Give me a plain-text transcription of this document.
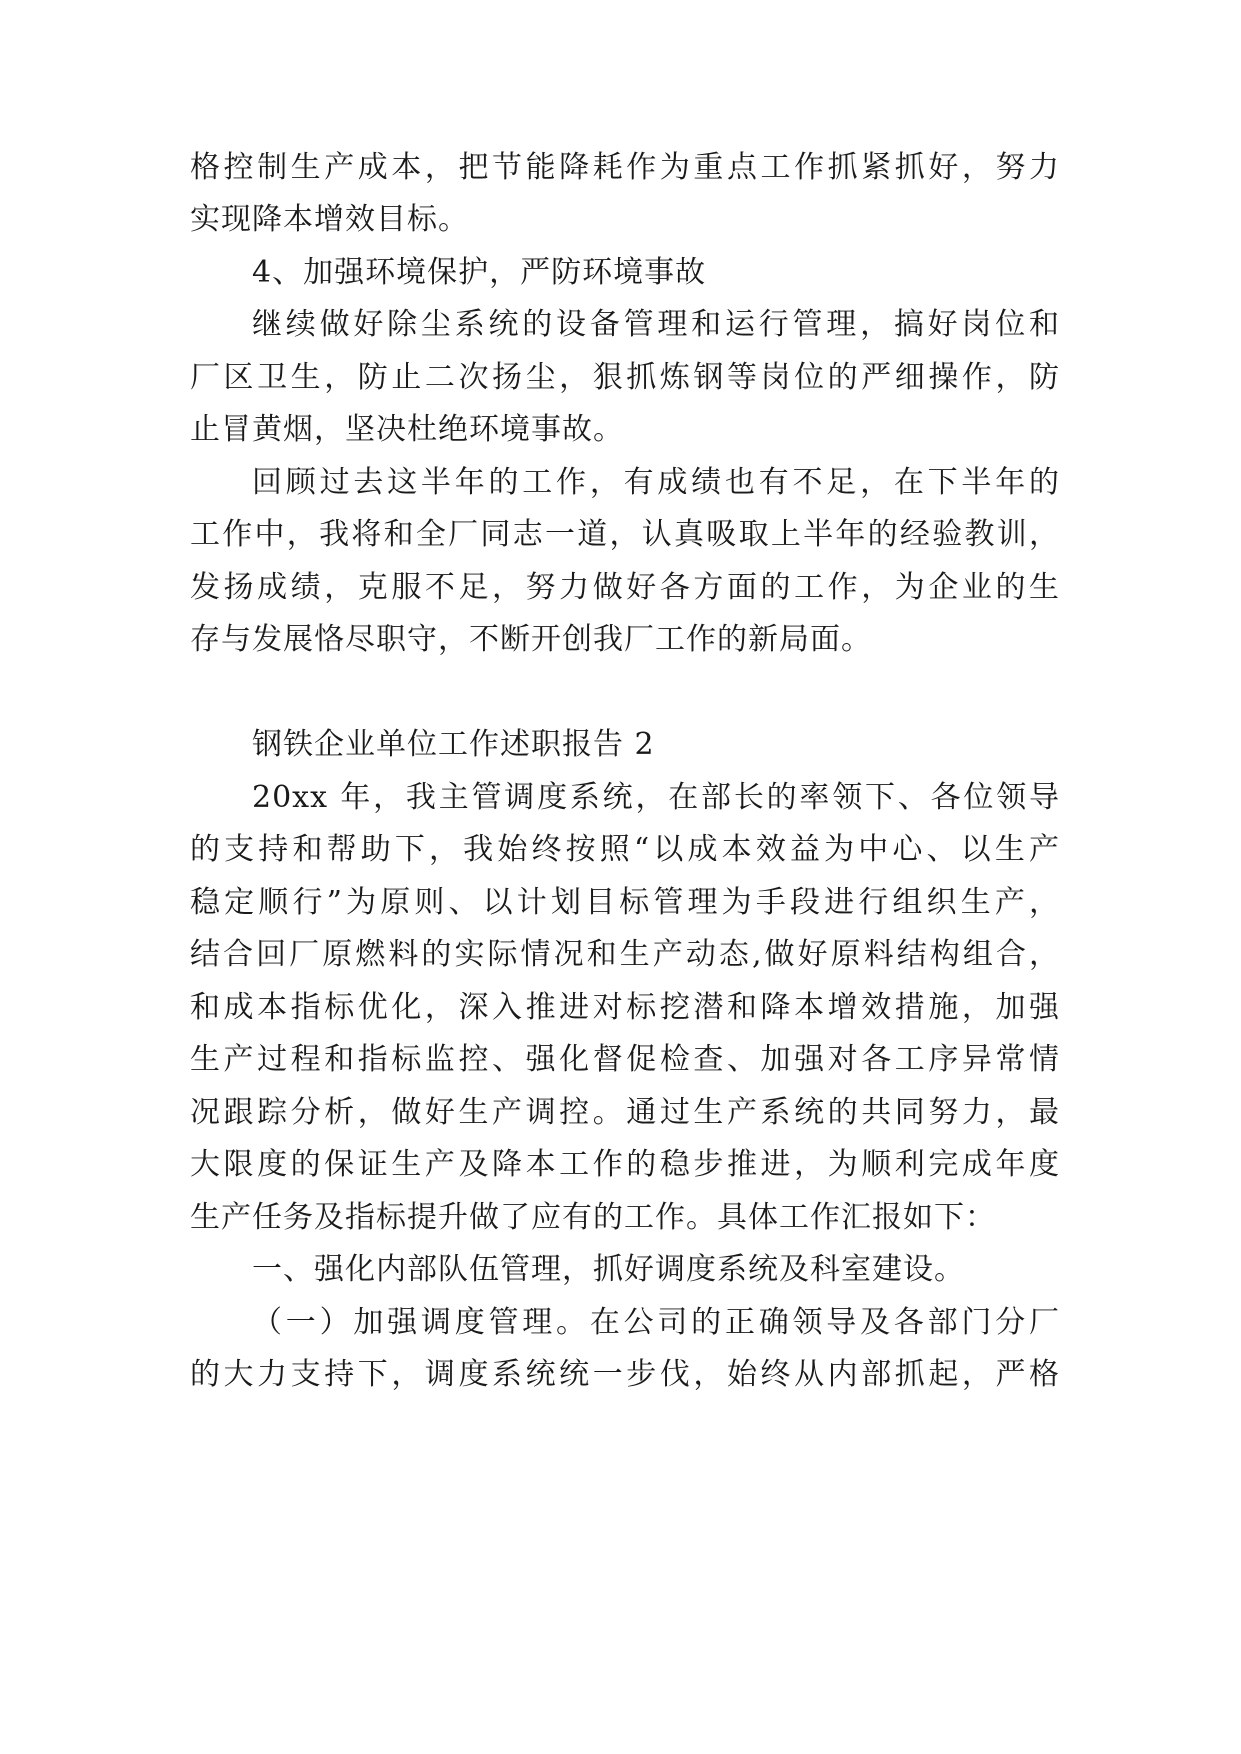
格控制生产成本，把节能降耗作为重点工作抓紧抓好，努力
实现降本增效目标。
4、加强环境保护，严防环境事故
继续做好除尘系统的设备管理和运行管理，搞好岗位和
厂区卫生，防止二次扬尘，狠抓炼钢等岗位的严细操作，防
止冒黄烟，坚决杜绝环境事故。
回顾过去这半年的工作，有成绩也有不足，在下半年的
工作中，我将和全厂同志一道，认真吸取上半年的经验教训，
发扬成绩，克服不足，努力做好各方面的工作，为企业的生
存与发展恪尽职守，不断开创我厂工作的新局面。
钢铁企业单位工作述职报告 2
20xx 年，我主管调度系统，在部长的率领下、各位领导
的支持和帮助下，我始终按照“以成本效益为中心、以生产
稳定顺行”为原则、以计划目标管理为手段进行组织生产，
结合回厂原燃料的实际情况和生产动态,做好原料结构组合，
和成本指标优化，深入推进对标挖潜和降本增效措施，加强
生产过程和指标监控、强化督促检查、加强对各工序异常情
况跟踪分析，做好生产调控。通过生产系统的共同努力，最
大限度的保证生产及降本工作的稳步推进，为顺利完成年度
生产任务及指标提升做了应有的工作。具体工作汇报如下：
一、强化内部队伍管理，抓好调度系统及科室建设。
（一）加强调度管理。在公司的正确领导及各部门分厂
的大力支持下，调度系统统一步伐，始终从内部抓起，严格
